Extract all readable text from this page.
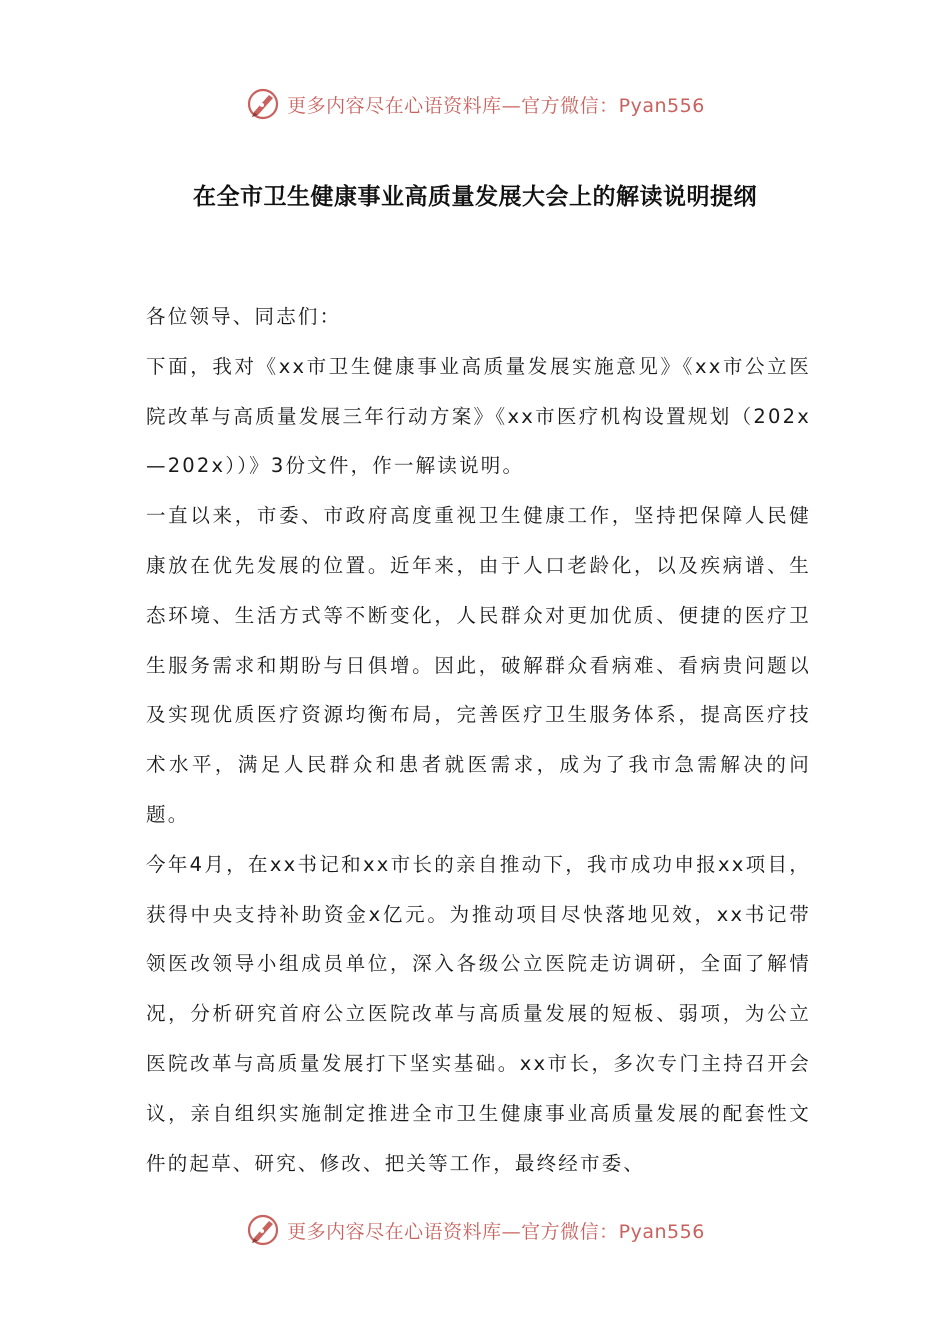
更多内容尽在心语资料库—官方微信：Pyan556
在全市卫生健康事业高质量发展大会上的解读说明提纲

各位领导、同志们：

下面，我对《xx市卫生健康事业高质量发展实施意见》《xx市公立医院改革与高质量发展三年行动方案》《xx市医疗机构设置规划（202x—202x））》3份文件，作一解读说明。

一直以来，市委、市政府高度重视卫生健康工作，坚持把保障人民健康放在优先发展的位置。近年来，由于人口老龄化，以及疾病谱、生态环境、生活方式等不断变化，人民群众对更加优质、便捷的医疗卫生服务需求和期盼与日俱增。因此，破解群众看病难、看病贵问题以及实现优质医疗资源均衡布局，完善医疗卫生服务体系，提高医疗技术水平，满足人民群众和患者就医需求，成为了我市急需解决的问题。

今年4月，在xx书记和xx市长的亲自推动下，我市成功申报xx项目，获得中央支持补助资金x亿元。为推动项目尽快落地见效，xx书记带领医改领导小组成员单位，深入各级公立医院走访调研，全面了解情况，分析研究首府公立医院改革与高质量发展的短板、弱项，为公立医院改革与高质量发展打下坚实基础。xx市长，多次专门主持召开会议，亲自组织实施制定推进全市卫生健康事业高质量发展的配套性文件的起草、研究、修改、把关等工作，最终经市委、

更多内容尽在心语资料库—官方微信：Pyan556
